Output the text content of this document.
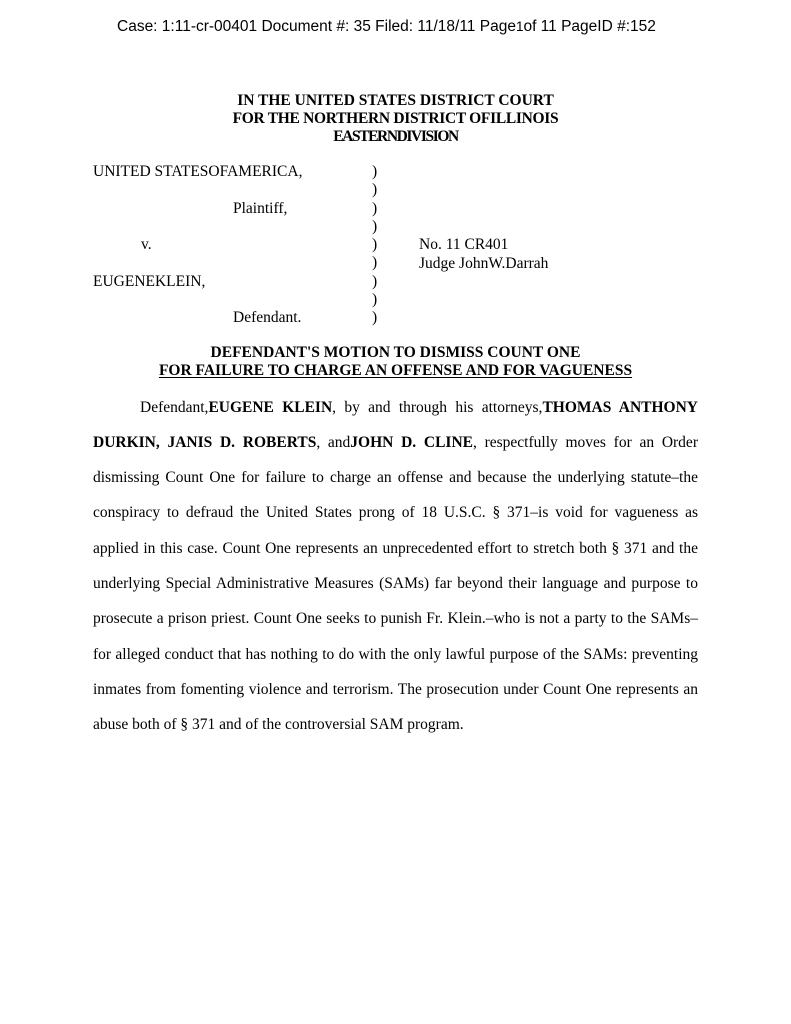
Case: 1:11-cr-00401 Document #: 35 Filed: 11/18/11 Page1of 11 PageID #:152
IN THE UNITED STATES DISTRICT COURT
FOR THE NORTHERN DISTRICT OFILLINOIS
EASTERNDIVISION
UNITED STATESOFAMERICA,
Plaintiff,
v.	No. 11 CR401
Judge JohnW.Darrah
EUGENEKLEIN,
Defendant.
)
)
)
)
)
)
)
)
)
DEFENDANT'S MOTION TO DISMISS COUNT ONE
FOR FAILURE TO CHARGE AN OFFENSE AND FOR VAGUENESS
Defendant,EUGENE KLEIN, by and through his attorneys,THOMAS ANTHONY
DURKIN, JANIS D. ROBERTS, andJOHN D. CLINE, respectfully moves for an Order
dismissing Count One for failure to charge an offense and because the underlying statute–the
conspiracy to defraud the United States prong of 18 U.S.C. § 371–is void for vagueness as
applied in this case. Count One represents an unprecedented effort to stretch both § 371 and the
underlying Special Administrative Measures (SAMs) far beyond their language and purpose to
prosecute a prison priest. Count One seeks to punish Fr. Klein.–who is not a party to the SAMs–
for alleged conduct that has nothing to do with the only lawful purpose of the SAMs: preventing
inmates from fomenting violence and terrorism. The prosecution under Count One represents an
abuse both of § 371 and of the controversial SAM program.
